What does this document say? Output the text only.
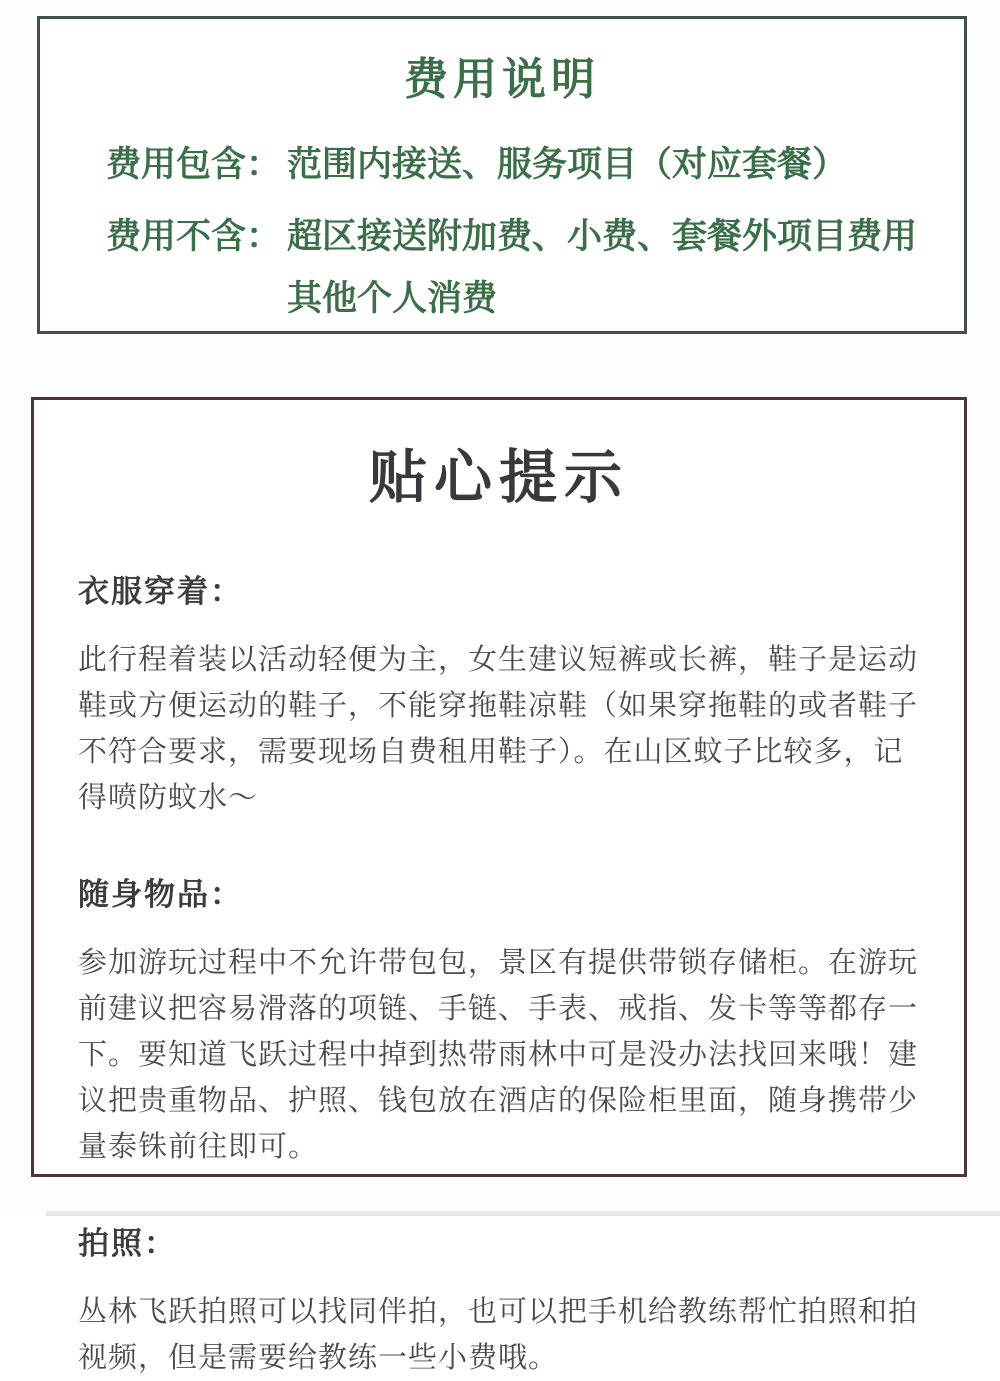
费用说明
费用包含： 范围内接送、服务项目（对应套餐）
费用不含： 超区接送附加费、小费、套餐外项目费用
其他个人消费
贴心提示
衣服穿着：

此行程着装以活动轻便为主，女生建议短裤或长裤，鞋子是运动鞋或方便运动的鞋子，不能穿拖鞋凉鞋（如果穿拖鞋的或者鞋子不符合要求，需要现场自费租用鞋子）。在山区蚊子比较多，记得喷防蚊水～

随身物品：

参加游玩过程中不允许带包包，景区有提供带锁存储柜。在游玩前建议把容易滑落的项链、手链、手表、戒指、发卡等等都存一下。要知道飞跃过程中掉到热带雨林中可是没办法找回来哦！建议把贵重物品、护照、钱包放在酒店的保险柜里面，随身携带少量泰铢前往即可。

拍照：

丛林飞跃拍照可以找同伴拍，也可以把手机给教练帮忙拍照和拍视频，但是需要给教练一些小费哦。
